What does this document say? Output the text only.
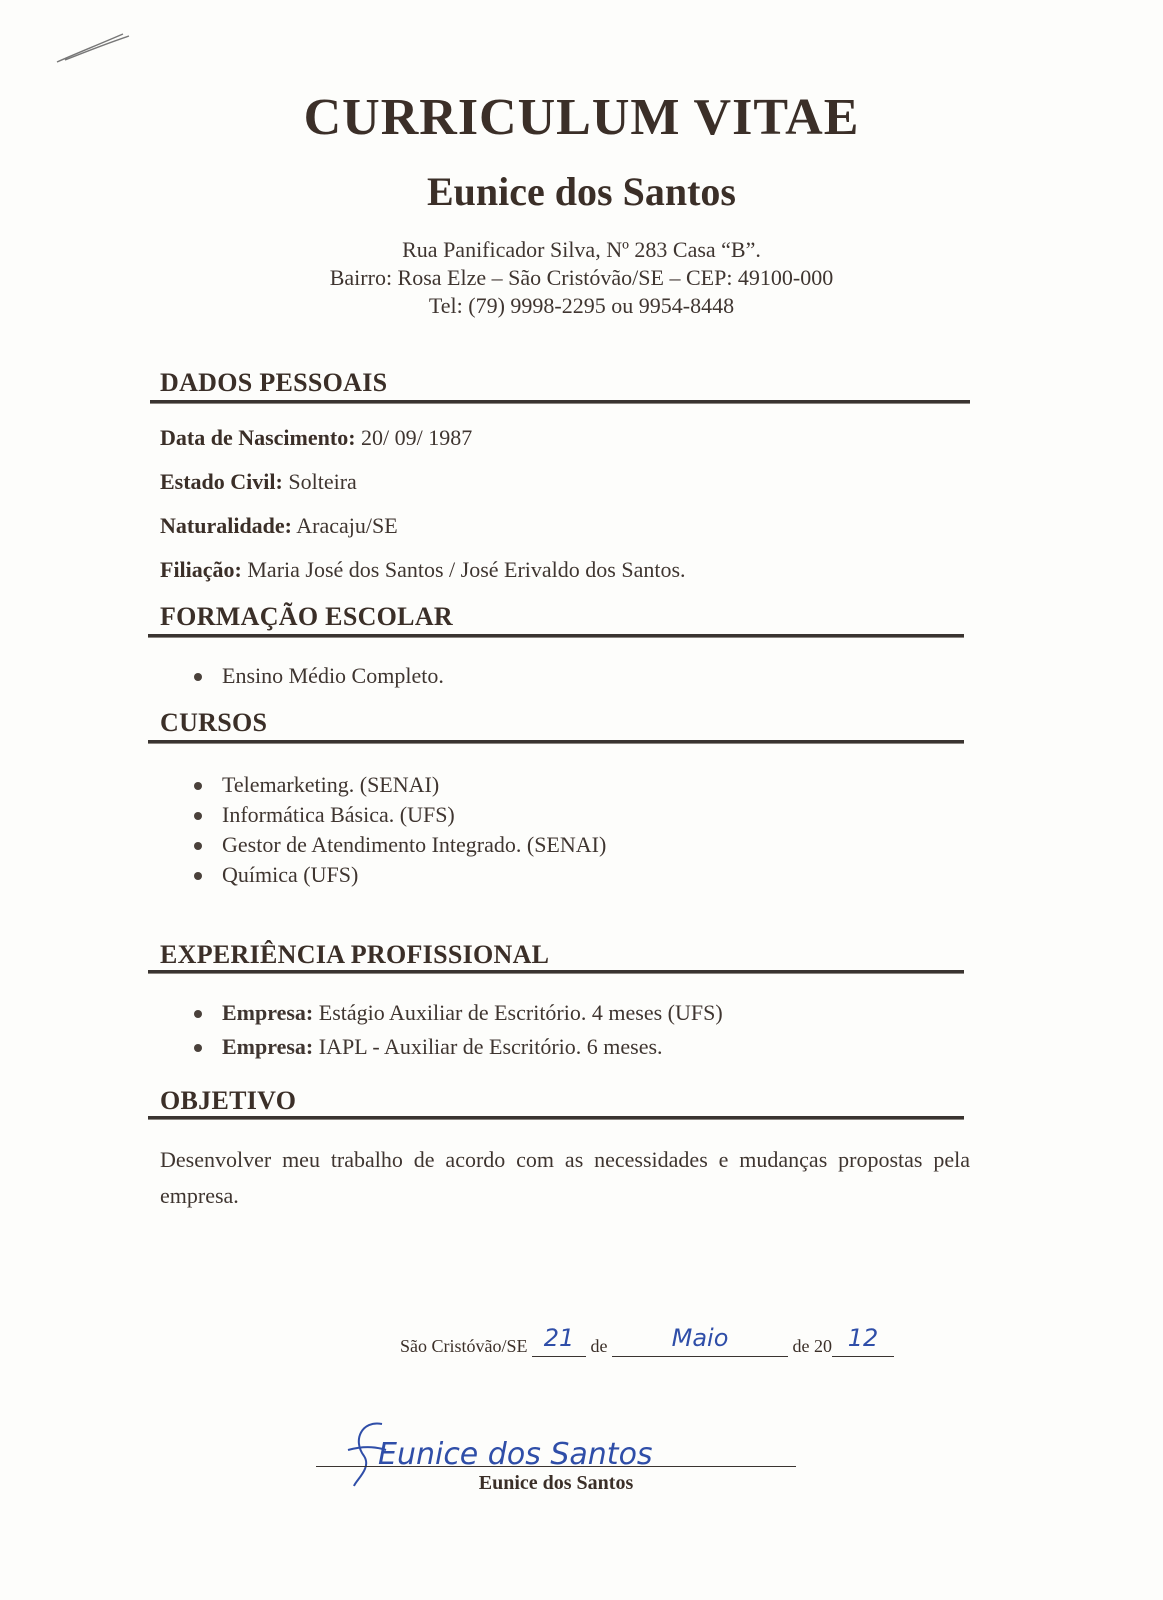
CURRICULUM VITAE
Eunice dos Santos
Rua Panificador Silva, Nº 283 Casa “B”.
Bairro: Rosa Elze – São Cristóvão/SE – CEP: 49100-000
Tel: (79) 9998-2295 ou 9954-8448
DADOS PESSOAIS
Data de Nascimento: 20/ 09/ 1987
Estado Civil: Solteira
Naturalidade: Aracaju/SE
Filiação: Maria José dos Santos / José Erivaldo dos Santos.
FORMAÇÃO ESCOLAR
Ensino Médio Completo.
CURSOS
Telemarketing. (SENAI)
Informática Básica. (UFS)
Gestor de Atendimento Integrado. (SENAI)
Química (UFS)
EXPERIÊNCIA PROFISSIONAL
Empresa: Estágio Auxiliar de Escritório. 4 meses (UFS)
Empresa: IAPL - Auxiliar de Escritório. 6 meses.
OBJETIVO
Desenvolver meu trabalho de acordo com as necessidades e mudanças propostas pela empresa.
São Cristóvão/SE 21 de	Maio	de 20 12
Eunice dos Santos
Eunice dos Santos
